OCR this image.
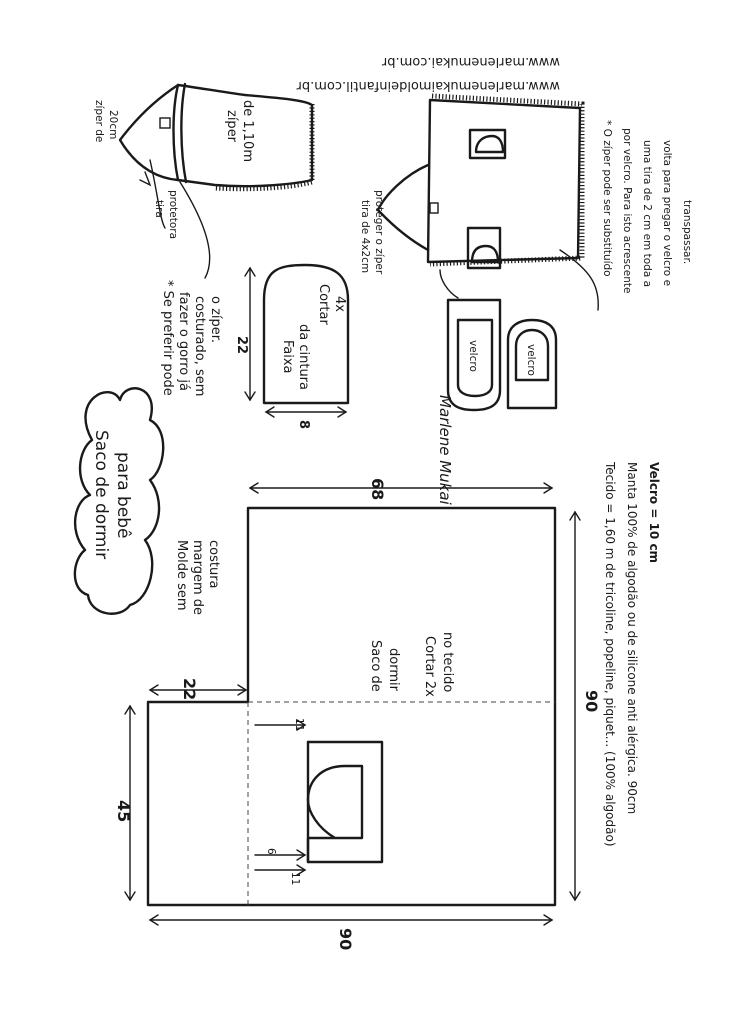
Saco de dormir Cortar 2x no tecido
68
90
90
45
22
11
6
11
Saco de dormir para bebê
Molde sem margem de costura
Faixa da cintura
Cortar 4x
22
8
* Se preferir pode fazer o gorro já costurado, sem o zíper.
zíper de 20cm	zíper de 1,10m
tira protetora
www.marlenemukai.com.br
www.marlenemukaimoldeinfantil.com.br
tira de 4x2cm proteger o zíper
velcro	velcro
* O zíper pode ser substituído por velcro. Para isto acrescente uma tira de 2 cm em toda a volta para pregar o velcro e transpassar.
Marlene Mukai
Tecido = 1,60 m de tricoline, popeline, piquet... (100% algodão) Manta 100% de algodão ou de silicone anti alérgica. 90cm Velcro = 10 cm
